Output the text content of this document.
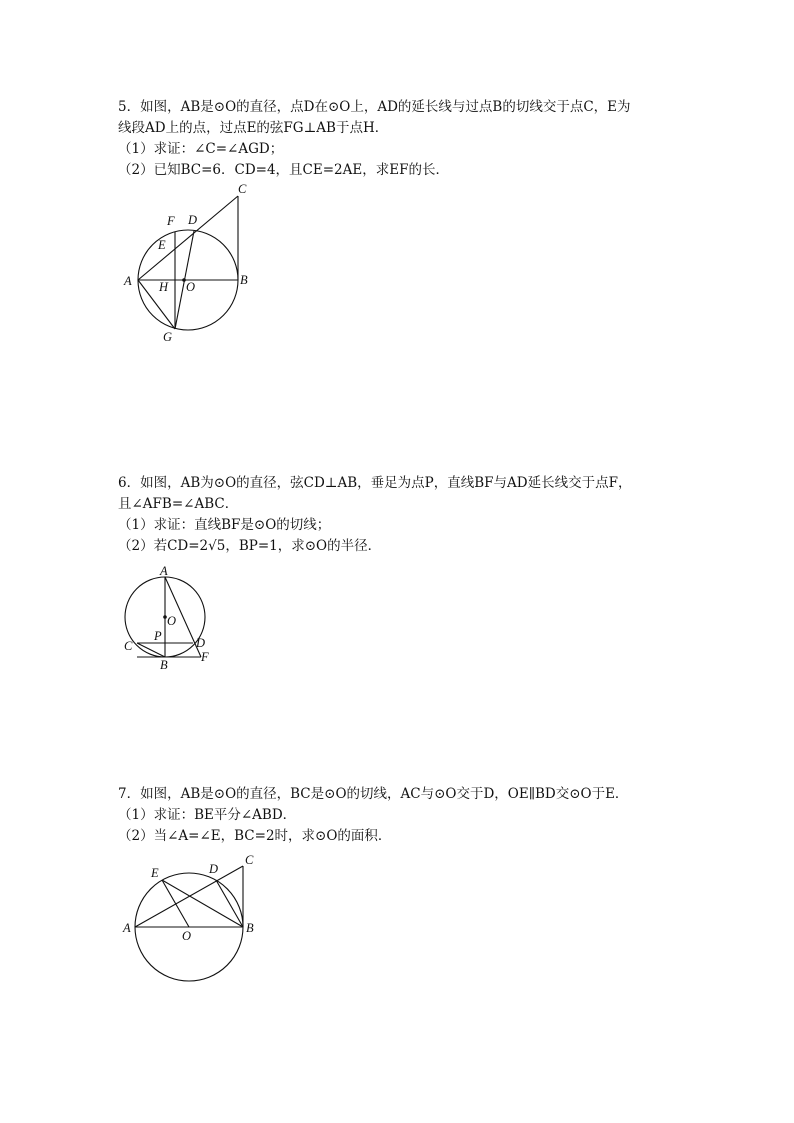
5．如图，AB是⊙O的直径，点D在⊙O上，AD的延长线与过点B的切线交于点C，E为

线段AD上的点，过点E的弦FG⊥AB于点H．

（1）求证：∠C=∠AGD；

（2）已知BC=6．CD=4，且CE=2AE，求EF的长．

C
F D
E
A	B
H O
G

6．如图，AB为⊙O的直径，弦CD⊥AB，垂足为点P，直线BF与AD延长线交于点F，

且∠AFB=∠ABC．

（1）求证：直线BF是⊙O的切线；

（2）若CD=2√5，BP=1，求⊙O的半径．

A
O
P
C	D
B
F

7．如图，AB是⊙O的直径，BC是⊙O的切线，AC与⊙O交于D，OE∥BD交⊙O于E．

（1）求证：BE平分∠ABD．

（2）当∠A=∠E，BC=2时，求⊙O的面积．

C
E	D
A
O
B
